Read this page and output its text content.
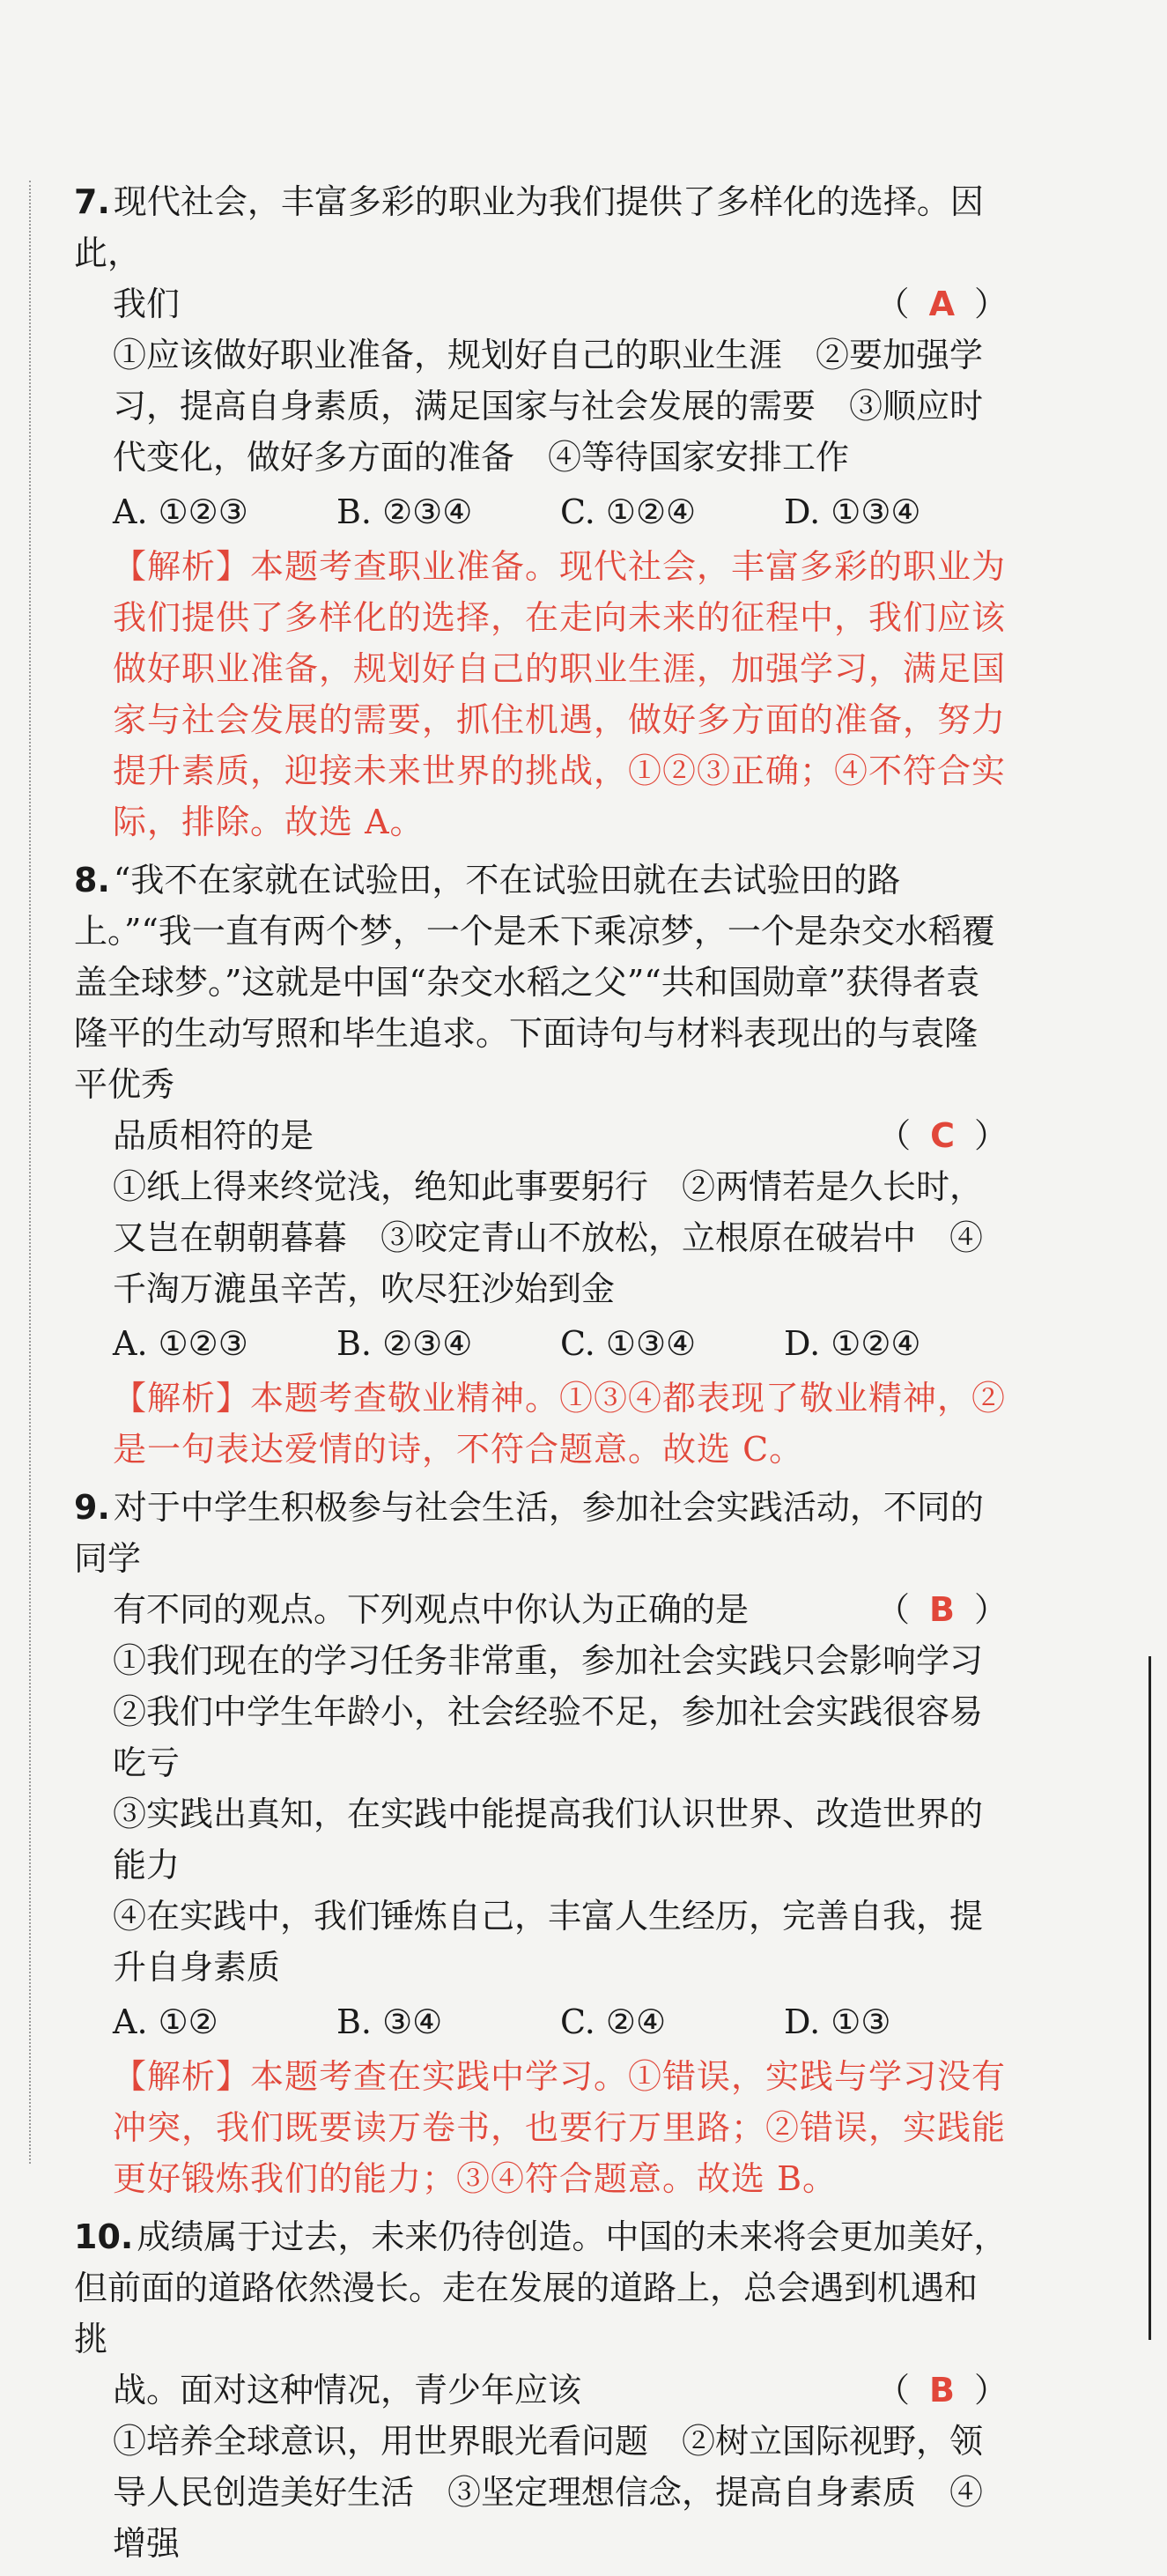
7. 现代社会，丰富多彩的职业为我们提供了多样化的选择。因此，
我们	（ A ）
①应该做好职业准备，规划好自己的职业生涯　②要加强学习，提高自身素质，满足国家与社会发展的需要　③顺应时代变化，做好多方面的准备　④等待国家安排工作
A. ①②③	B. ②③④	C. ①②④	D. ①③④
【解析】本题考查职业准备。现代社会，丰富多彩的职业为我们提供了多样化的选择，在走向未来的征程中，我们应该做好职业准备，规划好自己的职业生涯，加强学习，满足国家与社会发展的需要，抓住机遇，做好多方面的准备，努力提升素质，迎接未来世界的挑战，①②③正确；④不符合实际，排除。故选 A。
8. “我不在家就在试验田，不在试验田就在去试验田的路上。”“我一直有两个梦，一个是禾下乘凉梦，一个是杂交水稻覆盖全球梦。”这就是中国“杂交水稻之父”“共和国勋章”获得者袁隆平的生动写照和毕生追求。下面诗句与材料表现出的与袁隆平优秀
品质相符的是	（ C ）
①纸上得来终觉浅，绝知此事要躬行　②两情若是久长时，又岂在朝朝暮暮　③咬定青山不放松，立根原在破岩中　④千淘万漉虽辛苦，吹尽狂沙始到金
A. ①②③	B. ②③④	C. ①③④	D. ①②④
【解析】本题考查敬业精神。①③④都表现了敬业精神，②是一句表达爱情的诗，不符合题意。故选 C。
9. 对于中学生积极参与社会生活，参加社会实践活动，不同的同学
有不同的观点。下列观点中你认为正确的是	（ B ）
①我们现在的学习任务非常重，参加社会实践只会影响学习
②我们中学生年龄小，社会经验不足，参加社会实践很容易吃亏
③实践出真知，在实践中能提高我们认识世界、改造世界的能力
④在实践中，我们锤炼自己，丰富人生经历，完善自我，提升自身素质
A. ①②	B. ③④	C. ②④	D. ①③
【解析】本题考查在实践中学习。①错误，实践与学习没有冲突，我们既要读万卷书，也要行万里路；②错误，实践能更好锻炼我们的能力；③④符合题意。故选 B。
10. 成绩属于过去，未来仍待创造。中国的未来将会更加美好，但前面的道路依然漫长。走在发展的道路上，总会遇到机遇和挑
战。面对这种情况，青少年应该	（ B ）
①培养全球意识，用世界眼光看问题　②树立国际视野，领导人民创造美好生活　③坚定理想信念，提高自身素质　④增强
